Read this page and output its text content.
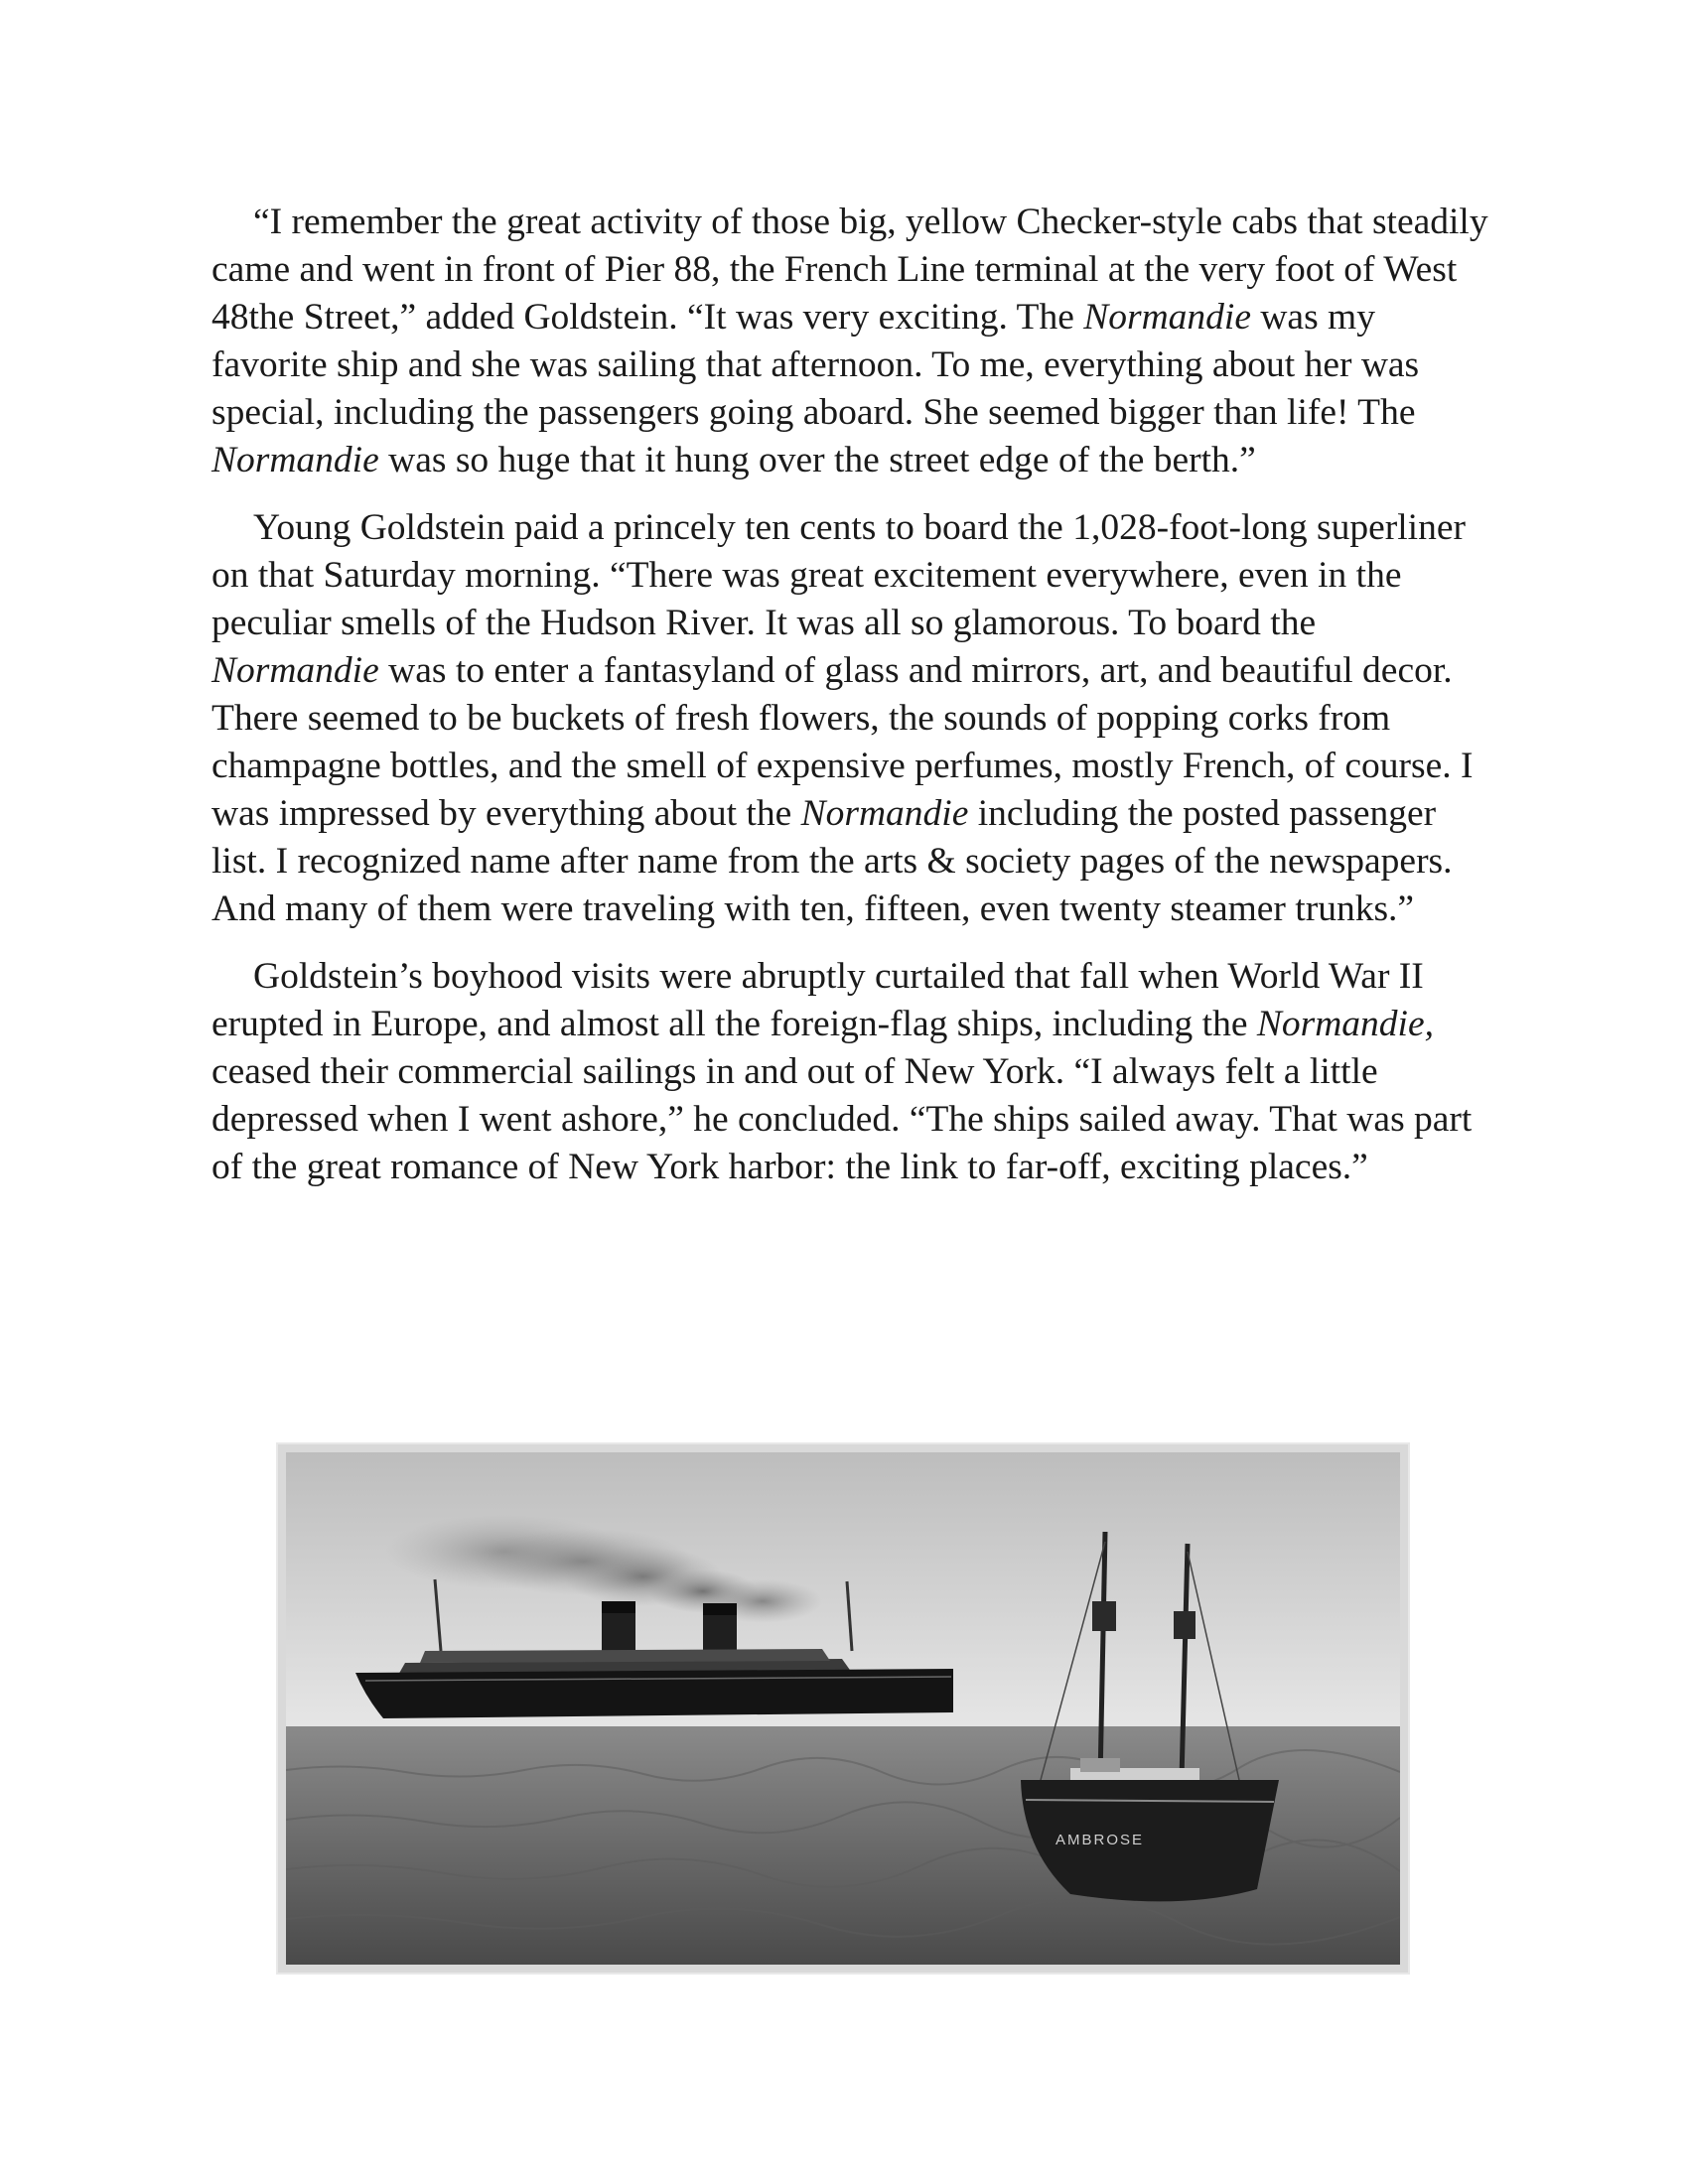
“I remember the great activity of those big, yellow Checker-style cabs that steadily came and went in front of Pier 88, the French Line terminal at the very foot of West 48the Street,” added Goldstein. “It was very exciting. The Normandie was my favorite ship and she was sailing that afternoon. To me, everything about her was special, including the passengers going aboard. She seemed bigger than life! The Normandie was so huge that it hung over the street edge of the berth.”

Young Goldstein paid a princely ten cents to board the 1,028-foot-long superliner on that Saturday morning. “There was great excitement everywhere, even in the peculiar smells of the Hudson River. It was all so glamorous. To board the Normandie was to enter a fantasyland of glass and mirrors, art, and beautiful decor. There seemed to be buckets of fresh flowers, the sounds of popping corks from champagne bottles, and the smell of expensive perfumes, mostly French, of course. I was impressed by everything about the Normandie including the posted passenger list. I recognized name after name from the arts & society pages of the newspapers. And many of them were traveling with ten, fifteen, even twenty steamer trunks.”

Goldstein’s boyhood visits were abruptly curtailed that fall when World War II erupted in Europe, and almost all the foreign-flag ships, including the Normandie, ceased their commercial sailings in and out of New York. “I always felt a little depressed when I went ashore,” he concluded. “The ships sailed away. That was part of the great romance of New York harbor: the link to far-off, exciting places.”

AMBROSE
